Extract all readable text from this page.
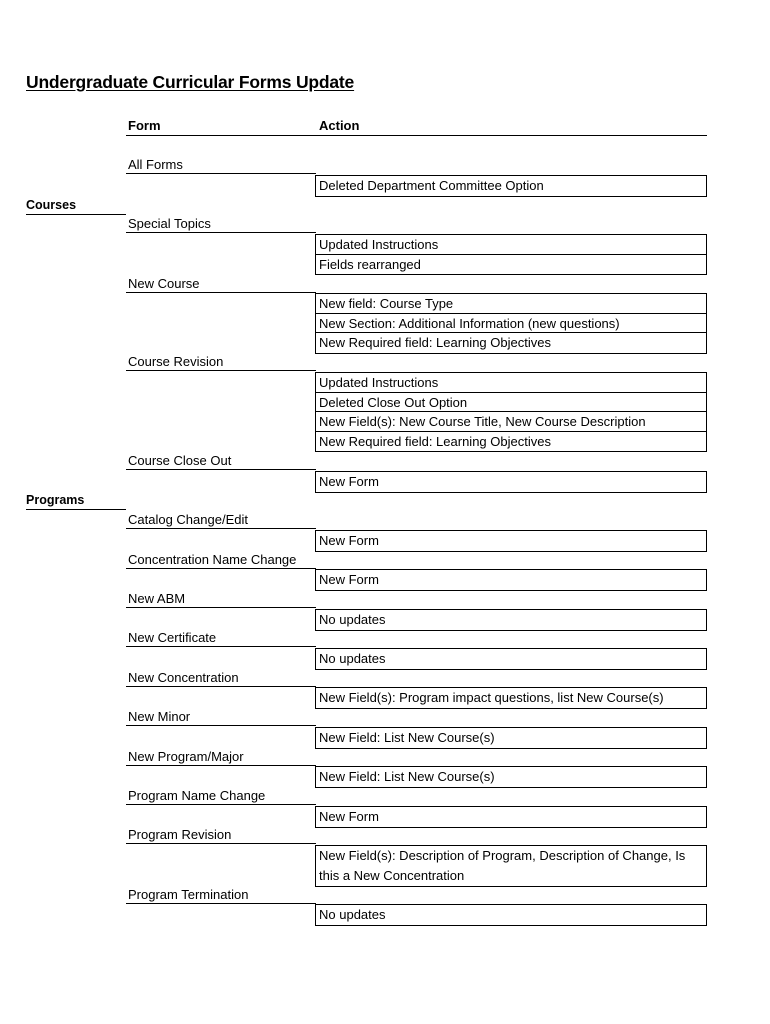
Undergraduate Curricular Forms Update
Form	Action
Courses
Programs
All Forms
Deleted Department Committee Option
Special Topics
Updated Instructions
Fields rearranged
New Course
New field: Course Type
New Section: Additional Information (new questions)
New Required field: Learning Objectives
Course Revision
Updated Instructions
Deleted Close Out Option
New Field(s): New Course Title, New Course Description
New Required field: Learning Objectives
Course Close Out
New Form
Catalog Change/Edit
New Form
Concentration Name Change
New Form
New ABM
No updates
New Certificate
No updates
New Concentration
New Field(s): Program impact questions, list New Course(s)
New Minor
New Field: List New Course(s)
New Program/Major
New Field: List New Course(s)
Program Name Change
New Form
Program Revision
New Field(s): Description of Program, Description of Change, Is this a New Concentration
Program Termination
No updates
